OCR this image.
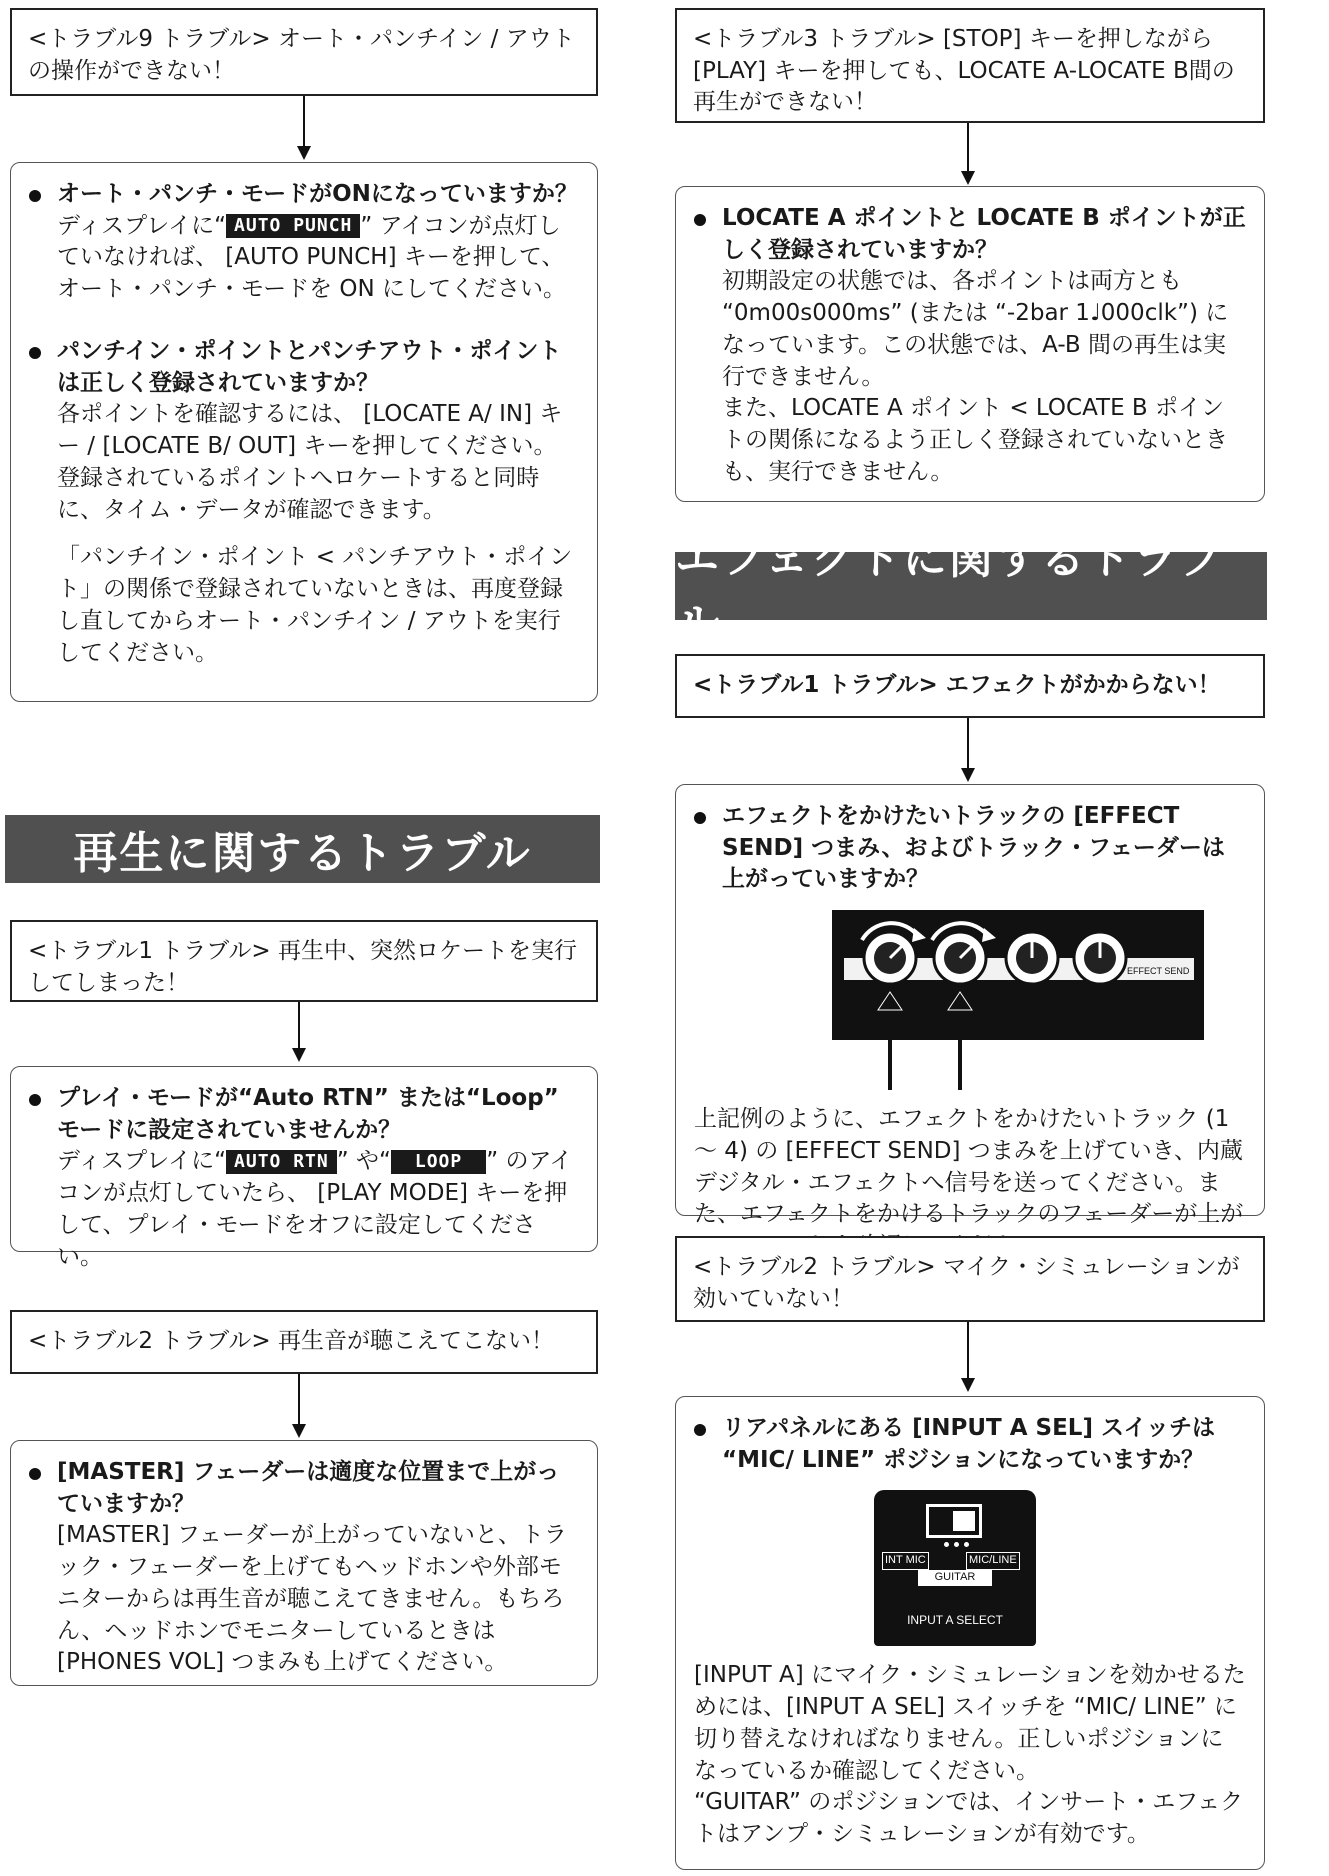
<トラブル9 トラブル> オート・パンチイン / アウトの操作ができない！
オート・パンチ・モードがONになっていますか？
ディスプレイに“ AUTO PUNCH ” アイコンが点灯していなければ、 [AUTO PUNCH] キーを押して、オート・パンチ・モードを ON にしてください。
パンチイン・ポイントとパンチアウト・ポイントは正しく登録されていますか？
各ポイントを確認するには、 [LOCATE A/ IN] キー / [LOCATE B/ OUT] キーを押してください。登録されているポイントへロケートすると同時に、タイム・データが確認できます。
「パンチイン・ポイント < パンチアウト・ポイント」の関係で登録されていないときは、再度登録し直してからオート・パンチイン / アウトを実行してください。
再生に関するトラブル
<トラブル1 トラブル> 再生中、突然ロケートを実行してしまった！
プレイ・モードが“Auto RTN” または“Loop” モードに設定されていませんか？
ディスプレイに“ AUTO RTN ” や“ LOOP ” のアイコンが点灯していたら、 [PLAY MODE] キーを押して、プレイ・モードをオフに設定してください。
<トラブル2 トラブル> 再生音が聴こえてこない！
[MASTER] フェーダーは適度な位置まで上がっていますか？
[MASTER] フェーダーが上がっていないと、トラック・フェーダーを上げてもヘッドホンや外部モニターからは再生音が聴こえてきません。もちろん、ヘッドホンでモニターしているときは [PHONES VOL] つまみも上げてください。
<トラブル3 トラブル> [STOP] キーを押しながら [PLAY] キーを押しても、LOCATE A-LOCATE B間の再生ができない！
LOCATE A ポイントと LOCATE B ポイントが正しく登録されていますか？
初期設定の状態では、各ポイントは両方とも
“0m00s000ms” (または “-2bar 1♩000clk”) になっています。この状態では、A-B 間の再生は実行できません。
また、LOCATE A ポイント < LOCATE B ポイントの関係になるよう正しく登録されていないときも、実行できません。
エフェクトに関するトラブル
<トラブル1 トラブル> エフェクトがかからない！
エフェクトをかけたいトラックの [EFFECT SEND] つまみ、およびトラック・フェーダーは上がっていますか？
EFFECT SEND
上記例のように、エフェクトをかけたいトラック (1 〜 4) の [EFFECT SEND] つまみを上げていき、内蔵デジタル・エフェクトへ信号を送ってください。また、エフェクトをかけるトラックのフェーダーが上が
<トラブル2 トラブル> マイク・シミュレーションが効いていない！
リアパネルにある [INPUT A SEL] スイッチは “MIC/ LINE” ポジションになっていますか？
INT MIC	MIC/LINE
GUITAR
INPUT A SELECT
[INPUT A] にマイク・シミュレーションを効かせるためには、[INPUT A SEL] スイッチを “MIC/ LINE” に切り替えなければなりません。正しいポジションになっているか確認してください。
“GUITAR” のポジションでは、インサート・エフェクトはアンプ・シミュレーションが有効です。
